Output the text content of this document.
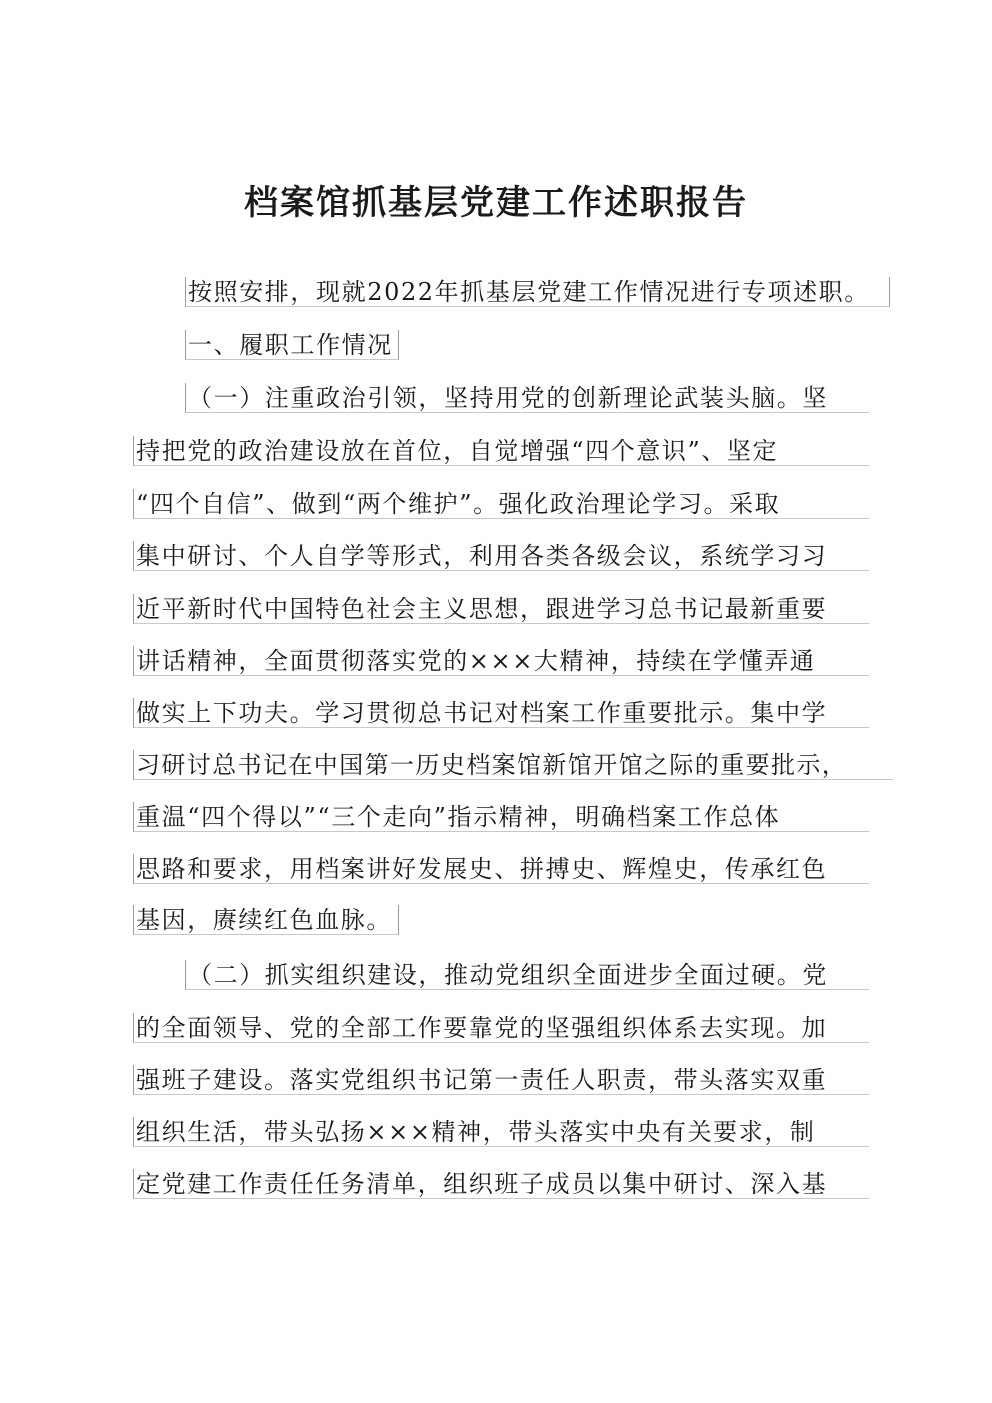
档案馆抓基层党建工作述职报告
按照安排，现就2022年抓基层党建工作情况进行专项述职。
一、履职工作情况
（一）注重政治引领，坚持用党的创新理论武装头脑。坚
持把党的政治建设放在首位，自觉增强“四个意识”、坚定
“四个自信”、做到“两个维护”。强化政治理论学习。采取
集中研讨、个人自学等形式，利用各类各级会议，系统学习习
近平新时代中国特色社会主义思想，跟进学习总书记最新重要
讲话精神，全面贯彻落实党的×××大精神，持续在学懂弄通
做实上下功夫。学习贯彻总书记对档案工作重要批示。集中学
习研讨总书记在中国第一历史档案馆新馆开馆之际的重要批示，
重温“四个得以”“三个走向”指示精神，明确档案工作总体
思路和要求，用档案讲好发展史、拼搏史、辉煌史，传承红色
基因，赓续红色血脉。
（二）抓实组织建设，推动党组织全面进步全面过硬。党
的全面领导、党的全部工作要靠党的坚强组织体系去实现。加
强班子建设。落实党组织书记第一责任人职责，带头落实双重
组织生活，带头弘扬×××精神，带头落实中央有关要求，制
定党建工作责任任务清单，组织班子成员以集中研讨、深入基
